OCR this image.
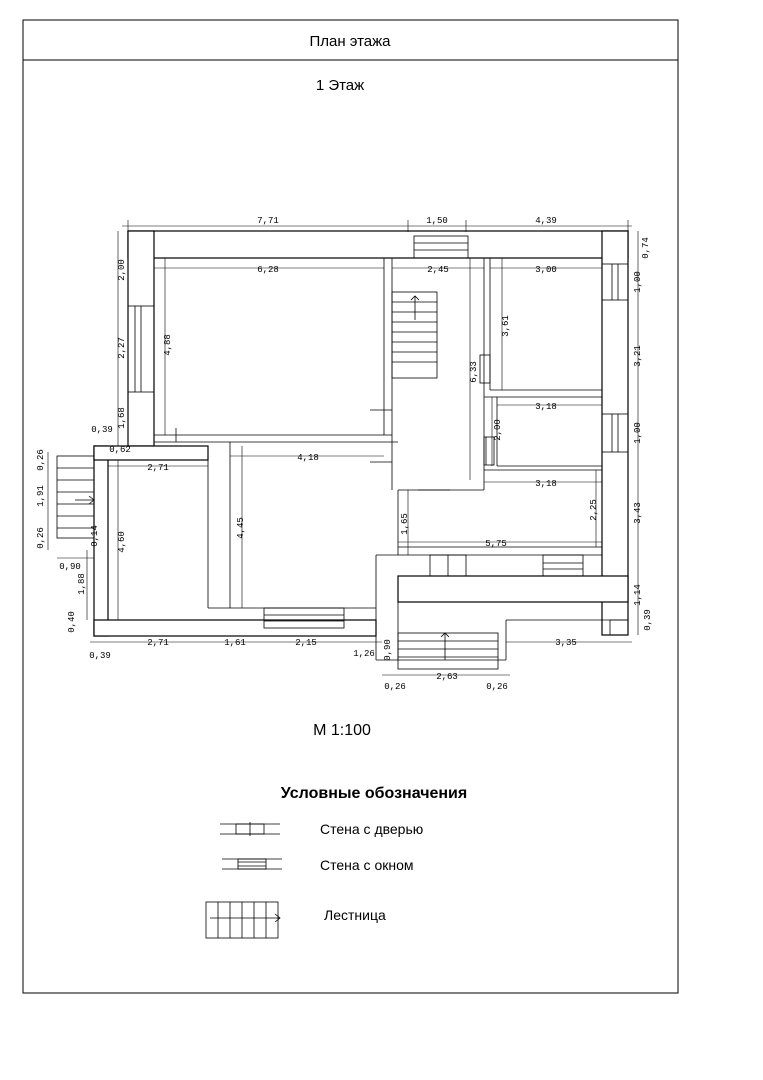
План этажа
1 Этаж
7,71	1,50	4,39
6,28	2,45	3,00
2,00
2,27
1,68
4,88
6,33
3,61
3,18
2,00
3,18
0,74
1,00
3,21
1,00
3,43
1,14
0,39
0,39
0,62
0,26
1,91
0,26	0,14
0,90
1,88
0,40
2,71
4,60
4,18
4,45	1,65
5,75
2,25
0,39
2,71	1,61	2,15
1,26 0,90	3,35
0,26
2,63
0,26
М 1:100
Условные обозначения
Стена с дверью
Стена с окном
Лестница
